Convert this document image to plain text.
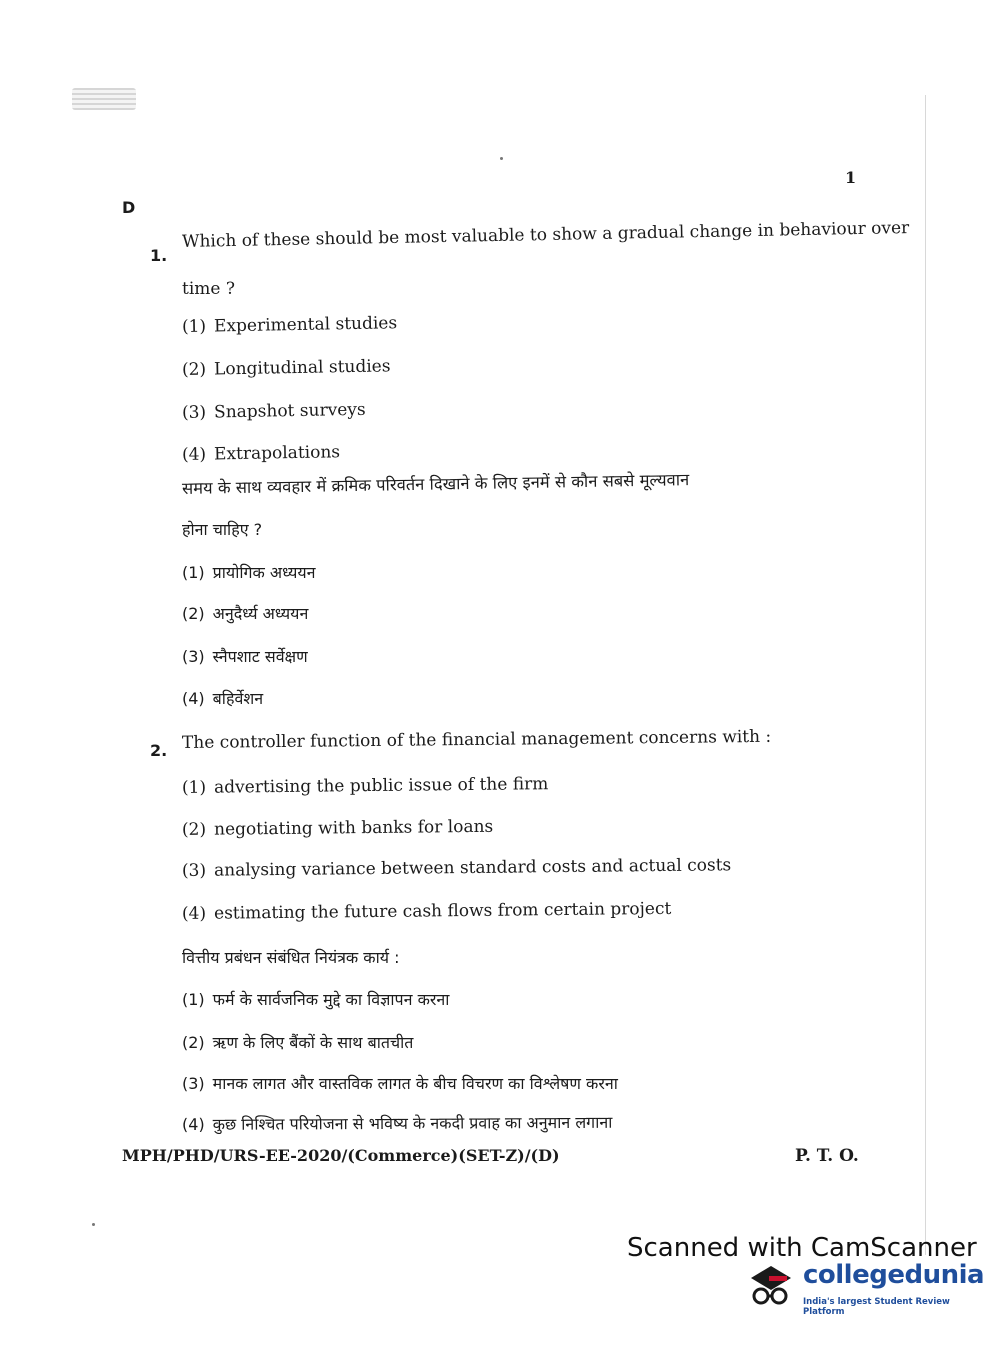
1
D
1.
Which of these should be most valuable to show a gradual change in behaviour over
time ?
(1) Experimental studies
(2) Longitudinal studies
(3) Snapshot surveys
(4) Extrapolations
समय के साथ व्यवहार में क्रमिक परिवर्तन दिखाने के लिए इनमें से कौन सबसे मूल्यवान
होना चाहिए ?
(1) प्रायोगिक अध्ययन
(2) अनुदैर्ध्य अध्ययन
(3) स्नैपशाट सर्वेक्षण
(4) बहिर्वेशन
2. The controller function of the financial management concerns with :
(1) advertising the public issue of the firm
(2) negotiating with banks for loans
(3) analysing variance between standard costs and actual costs
(4) estimating the future cash flows from certain project
वित्तीय प्रबंधन संबंधित नियंत्रक कार्य :
(1) फर्म के सार्वजनिक मुद्दे का विज्ञापन करना
(2) ऋण के लिए बैंकों के साथ बातचीत
(3) मानक लागत और वास्तविक लागत के बीच विचरण का विश्लेषण करना
(4) कुछ निश्चित परियोजना से भविष्य के नकदी प्रवाह का अनुमान लगाना
MPH/PHD/URS-EE-2020/(Commerce)(SET-Z)/(D)	P. T. O.
Scanned with CamScanner
collegedunia
India's largest Student Review Platform
